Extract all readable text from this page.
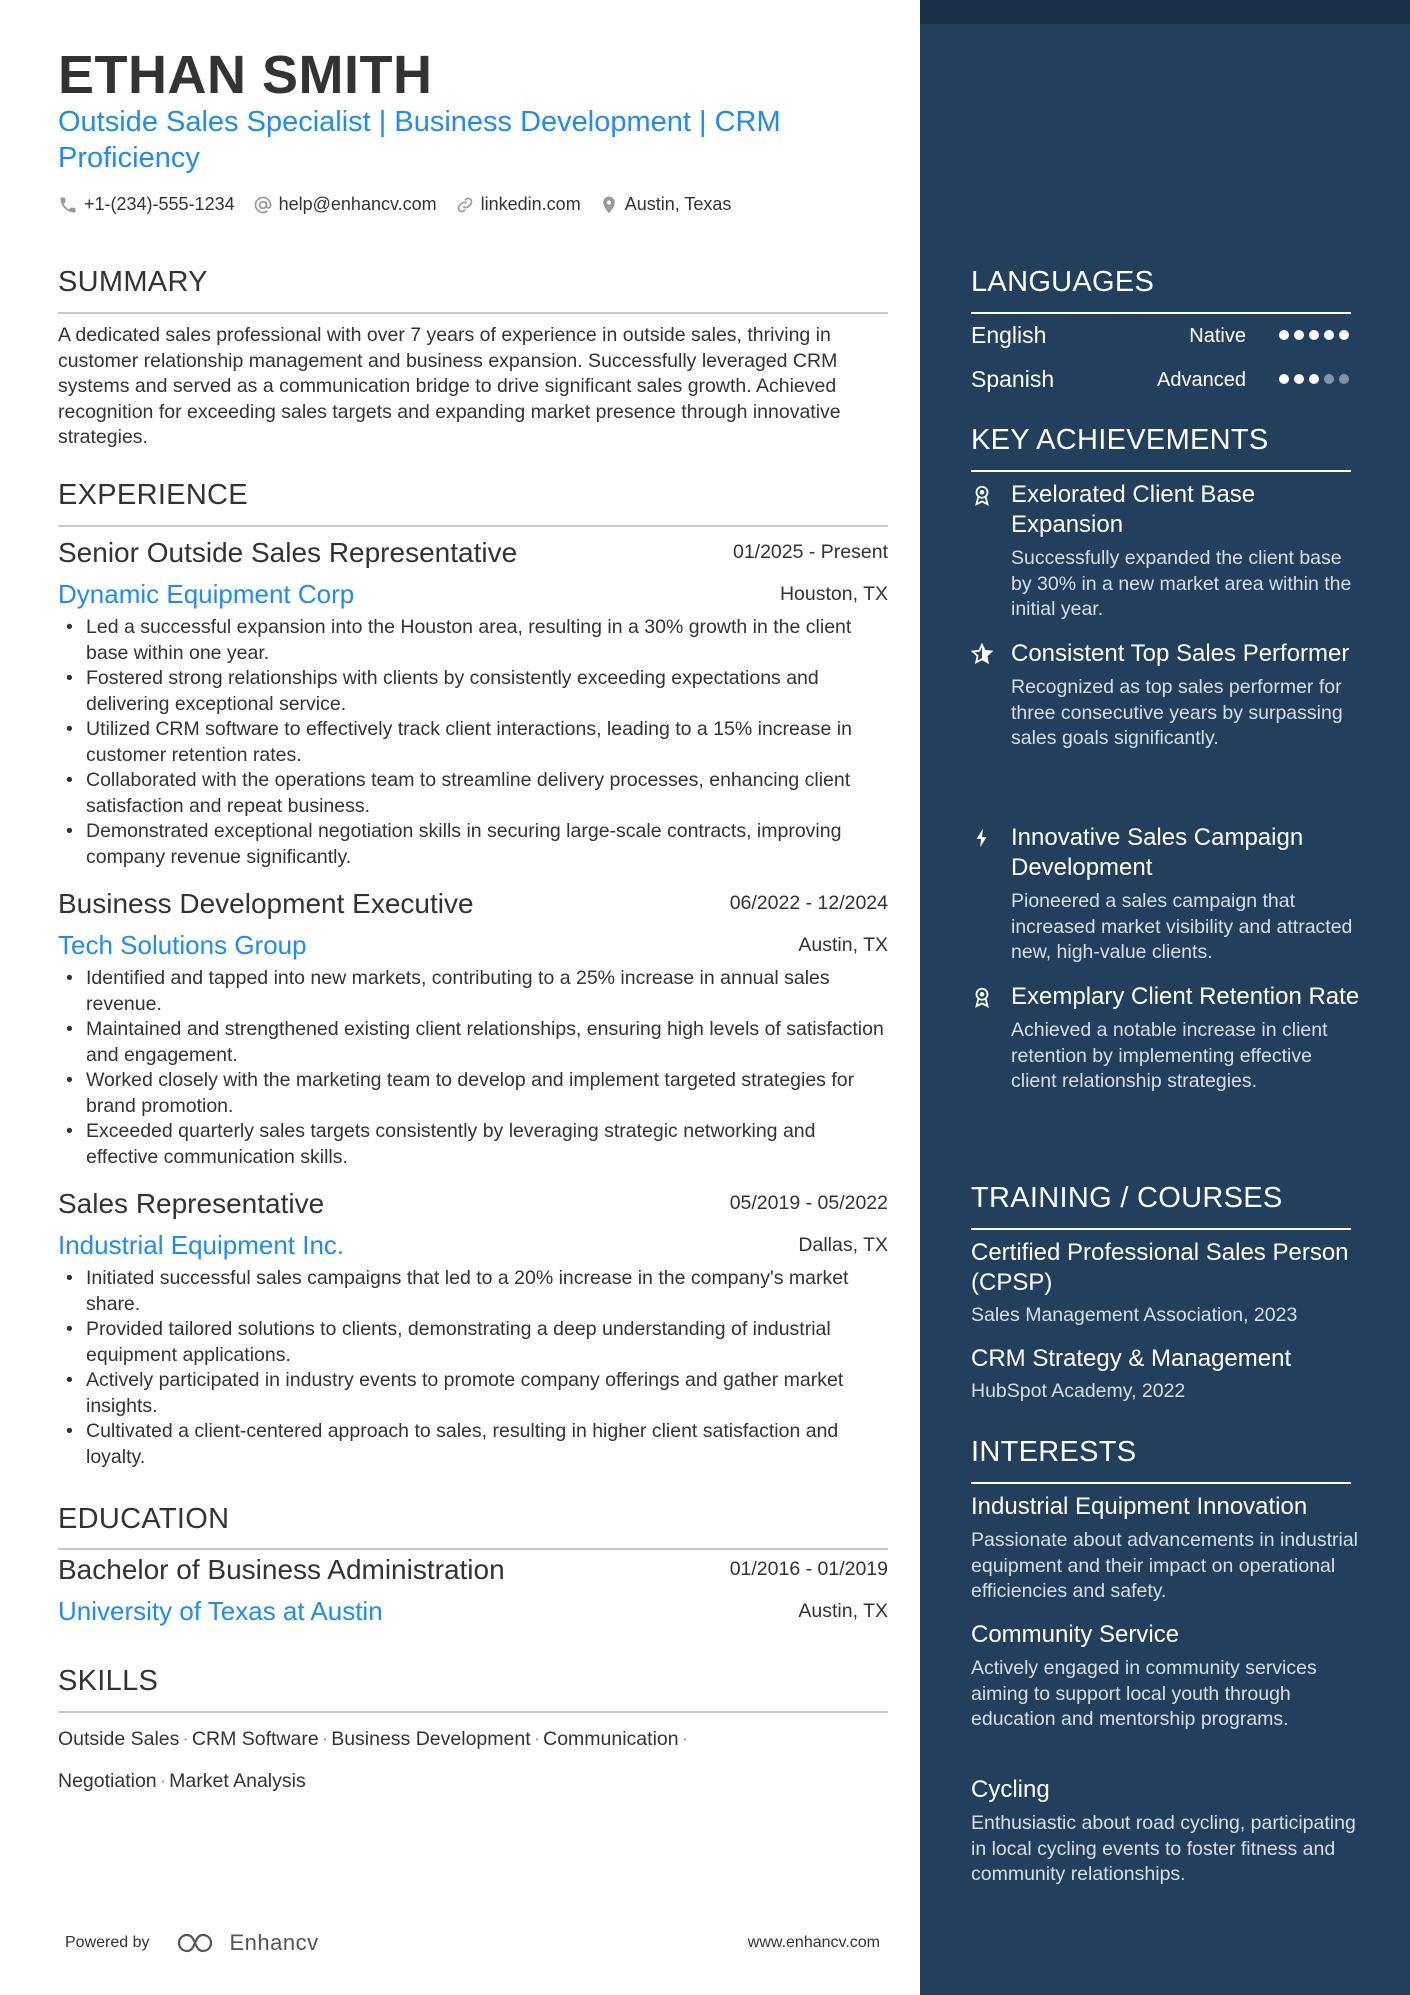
ETHAN SMITH
Outside Sales Specialist | Business Development | CRM Proficiency
+1-(234)-555-1234 help@enhancv.com linkedin.com Austin, Texas
SUMMARY
A dedicated sales professional with over 7 years of experience in outside sales, thriving in customer relationship management and business expansion. Successfully leveraged CRM systems and served as a communication bridge to drive significant sales growth. Achieved recognition for exceeding sales targets and expanding market presence through innovative strategies.
EXPERIENCE
Senior Outside Sales Representative	01/2025 - Present
Dynamic Equipment Corp	Houston, TX
• Led a successful expansion into the Houston area, resulting in a 30% growth in the client base within one year.
• Fostered strong relationships with clients by consistently exceeding expectations and delivering exceptional service.
• Utilized CRM software to effectively track client interactions, leading to a 15% increase in customer retention rates.
• Collaborated with the operations team to streamline delivery processes, enhancing client satisfaction and repeat business.
• Demonstrated exceptional negotiation skills in securing large-scale contracts, improving company revenue significantly.
Business Development Executive	06/2022 - 12/2024
Tech Solutions Group	Austin, TX
• Identified and tapped into new markets, contributing to a 25% increase in annual sales revenue.
• Maintained and strengthened existing client relationships, ensuring high levels of satisfaction and engagement.
• Worked closely with the marketing team to develop and implement targeted strategies for brand promotion.
• Exceeded quarterly sales targets consistently by leveraging strategic networking and effective communication skills.
Sales Representative	05/2019 - 05/2022
Industrial Equipment Inc.	Dallas, TX
• Initiated successful sales campaigns that led to a 20% increase in the company's market share.
• Provided tailored solutions to clients, demonstrating a deep understanding of industrial equipment applications.
• Actively participated in industry events to promote company offerings and gather market insights.
• Cultivated a client-centered approach to sales, resulting in higher client satisfaction and loyalty.
EDUCATION
Bachelor of Business Administration	01/2016 - 01/2019
University of Texas at Austin	Austin, TX
SKILLS
Outside Sales · CRM Software · Business Development · Communication ·
Negotiation · Market Analysis
Powered by	Enhancv	www.enhancv.com
LANGUAGES
English	Native
Spanish	Advanced
KEY ACHIEVEMENTS
Exelorated Client Base Expansion
Successfully expanded the client base by 30% in a new market area within the initial year.
Consistent Top Sales Performer
Recognized as top sales performer for three consecutive years by surpassing sales goals significantly.
Innovative Sales Campaign Development
Pioneered a sales campaign that increased market visibility and attracted new, high-value clients.
Exemplary Client Retention Rate
Achieved a notable increase in client retention by implementing effective client relationship strategies.
TRAINING / COURSES
Certified Professional Sales Person (CPSP)
Sales Management Association, 2023
CRM Strategy & Management
HubSpot Academy, 2022
INTERESTS
Industrial Equipment Innovation
Passionate about advancements in industrial equipment and their impact on operational efficiencies and safety.
Community Service
Actively engaged in community services aiming to support local youth through education and mentorship programs.
Cycling
Enthusiastic about road cycling, participating in local cycling events to foster fitness and community relationships.
